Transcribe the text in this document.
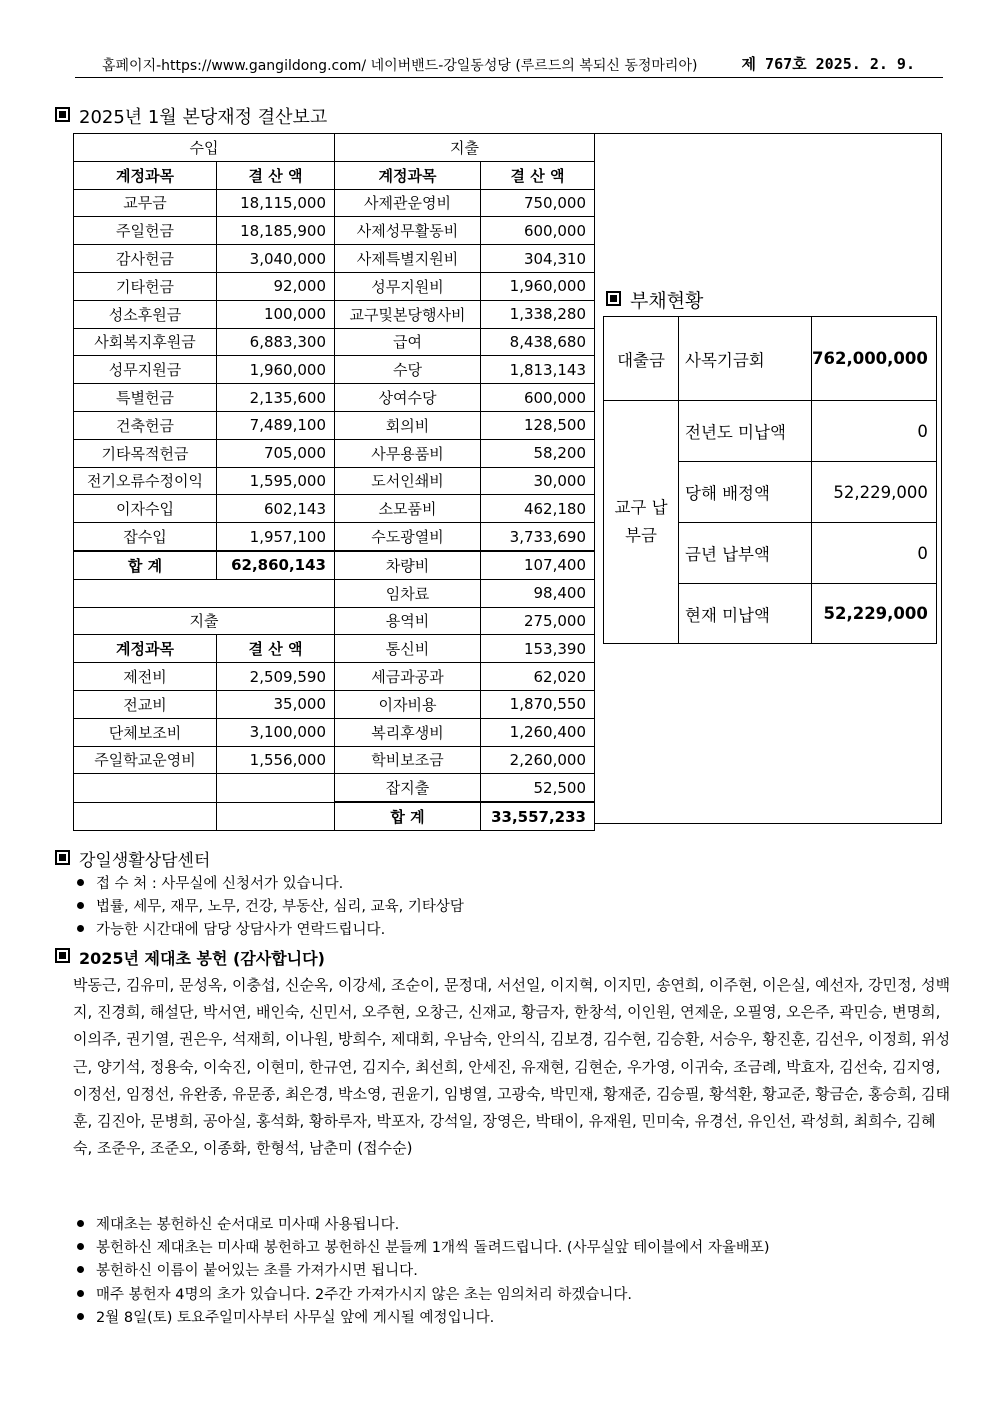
홈페이지-https://www.gangildong.com/ 네이버밴드-강일동성당 (루르드의 복되신 동정마리아)	제 767호 2025. 2. 9.
2025년 1월 본당재정 결산보고
수입		지출	
계정과목	결 산 액	계정과목	결 산 액
교무금	18,115,000	사제관운영비	750,000
주일헌금	18,185,900	사제성무활동비	600,000
감사헌금	3,040,000	사제특별지원비	304,310
기타헌금	92,000	성무지원비	1,960,000
성소후원금	100,000	교구및본당행사비	1,338,280
사회복지후원금	6,883,300	급여	8,438,680
성무지원금	1,960,000	수당	1,813,143
특별헌금	2,135,600	상여수당	600,000
건축헌금	7,489,100	회의비	128,500
기타목적헌금	705,000	사무용품비	58,200
전기오류수정이익	1,595,000	도서인쇄비	30,000
이자수입	602,143	소모품비	462,180
잡수입	1,957,100	수도광열비	3,733,690
합 계	62,860,143	차량비	107,400
		임차료	98,400
지출		용역비	275,000
계정과목	결 산 액	통신비	153,390
제전비	2,509,590	세금과공과	62,020
전교비	35,000	이자비용	1,870,550
단체보조비	3,100,000	복리후생비	1,260,400
주일학교운영비	1,556,000	학비보조금	2,260,000
		잡지출	52,500
		합 계	33,557,233
부채현황
대출금	사목기금회	762,000,000
교구 납부금	전년도 미납액	0
	당해 배정액	52,229,000
	금년 납부액	0
	현재 미납액	52,229,000
강일생활상담센터
접 수 처 : 사무실에 신청서가 있습니다.
법률, 세무, 재무, 노무, 건강, 부동산, 심리, 교육, 기타상담
가능한 시간대에 담당 상담사가 연락드립니다.
2025년 제대초 봉헌 (감사합니다)
박동근, 김유미, 문성옥, 이충섭, 신순옥, 이강세, 조순이, 문정대, 서선일, 이지혁, 이지민, 송연희, 이주현, 이은실, 예선자, 강민정, 성백지, 진경희, 해설단, 박서연, 배인숙, 신민서, 오주현, 오창근, 신재교, 황금자, 한창석, 이인원, 연제운, 오필영, 오은주, 곽민승, 변명희, 이의주, 권기열, 권은우, 석재희, 이나원, 방희수, 제대회, 우남숙, 안의식, 김보경, 김수현, 김승환, 서승우, 황진훈, 김선우, 이정희, 위성근, 양기석, 정용숙, 이숙진, 이현미, 한규연, 김지수, 최선희, 안세진, 유재현, 김현순, 우가영, 이귀숙, 조금례, 박효자, 김선숙, 김지영, 이정선, 임정선, 유완종, 유문종, 최은경, 박소영, 권윤기, 임병열, 고광숙, 박민재, 황재준, 김승필, 황석환, 황교준, 황금순, 홍승희, 김태훈, 김진아, 문병희, 공아실, 홍석화, 황하루자, 박포자, 강석일, 장영은, 박태이, 유재원, 민미숙, 유경선, 유인선, 곽성희, 최희수, 김혜숙, 조준우, 조준오, 이종화, 한형석, 남춘미 (접수순)
제대초는 봉헌하신 순서대로 미사때 사용됩니다.
봉헌하신 제대초는 미사때 봉헌하고 봉헌하신 분들께 1개씩 돌려드립니다. (사무실앞 테이블에서 자율배포)
봉헌하신 이름이 붙어있는 초를 가져가시면 됩니다.
매주 봉헌자 4명의 초가 있습니다. 2주간 가져가시지 않은 초는 임의처리 하겠습니다.
2월 8일(토) 토요주일미사부터 사무실 앞에 게시될 예정입니다.
